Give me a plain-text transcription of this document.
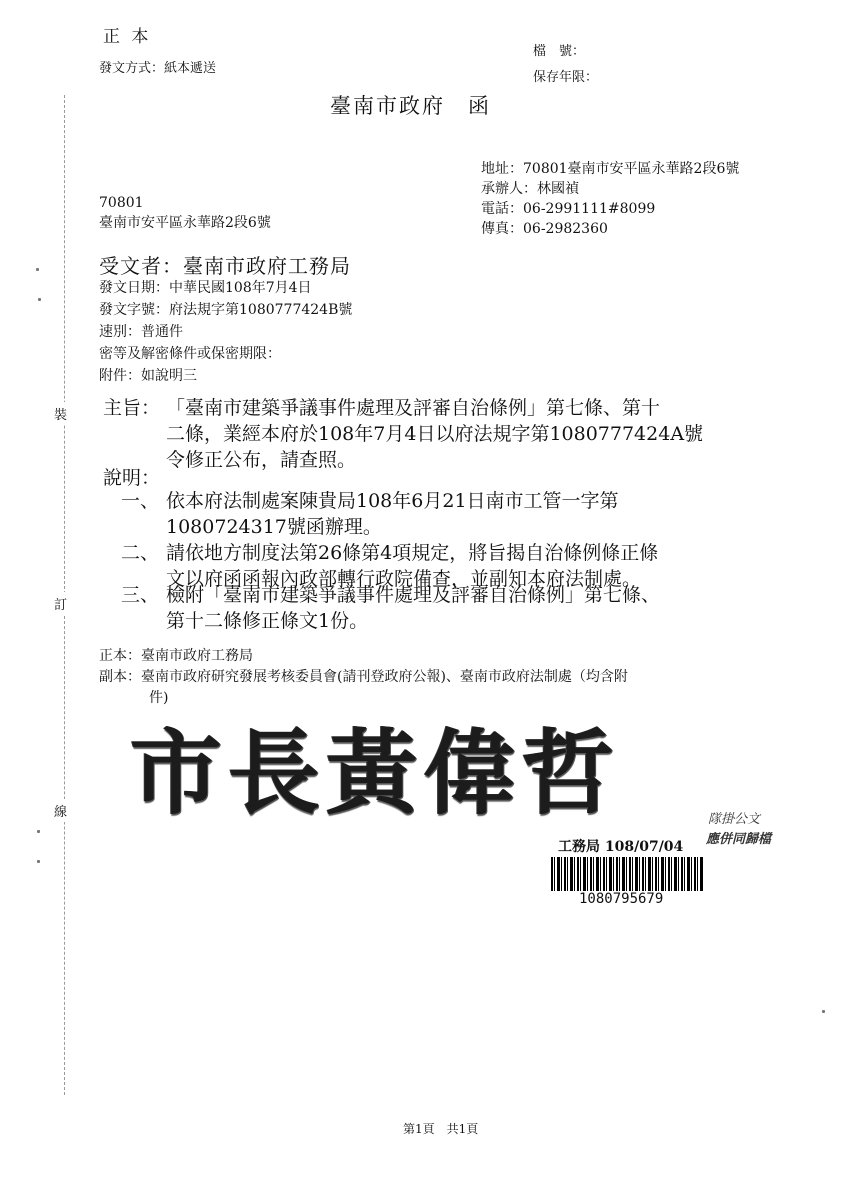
裝
訂
線
正 本
發文方式：紙本遞送
檔　號：
保存年限：
臺南市政府　函
地址：70801臺南市安平區永華路2段6號
承辦人：林國禎
電話：06-2991111#8099
傳真：06-2982360
70801
臺南市安平區永華路2段6號
受文者：臺南市政府工務局
發文日期：中華民國108年7月4日
發文字號：府法規字第1080777424B號
速別：普通件
密等及解密條件或保密期限：
附件：如說明三
主旨： 「臺南市建築爭議事件處理及評審自治條例」第七條、第十
二條，業經本府於108年7月4日以府法規字第1080777424A號
令修正公布，請查照。
說明：
一、 依本府法制處案陳貴局108年6月21日南市工管一字第
1080724317號函辦理。
二、 請依地方制度法第26條第4項規定，將旨揭自治條例條正條
文以府函函報內政部轉行政院備查，並副知本府法制處。
三、 檢附「臺南市建築爭議事件處理及評審自治條例」第七條、
第十二條修正條文1份。
正本：臺南市政府工務局
副本：臺南市政府研究發展考核委員會(請刊登政府公報)、臺南市政府法制處（均含附
件)
市長黃偉哲	隊掛公文
應併同歸檔
工務局 108/07/04
1080795679
第1頁　共1頁
